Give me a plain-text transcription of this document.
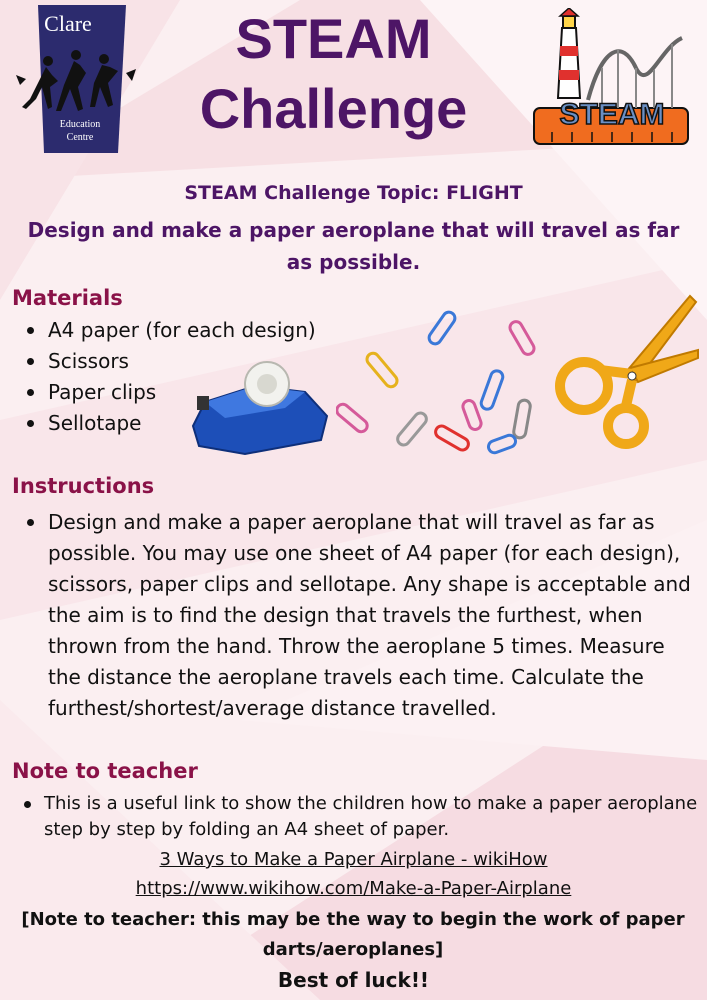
Clare
Education
Centre
STEAM
Challenge	STEAM

STEAM Challenge Topic: FLIGHT

Design and make a paper aeroplane that will travel as far as possible.

Materials
A4 paper (for each design)
Scissors
Paper clips
Sellotape
Instructions
Design and make a paper aeroplane that will travel as far as possible. You may use one sheet of A4 paper (for each design), scissors, paper clips and sellotape. Any shape is acceptable and the aim is to find the design that travels the furthest, when thrown from the hand. Throw the aeroplane 5 times. Measure the distance the aeroplane travels each time. Calculate the furthest/shortest/average distance travelled.
Note to teacher
This is a useful link to show the children how to make a paper aeroplane step by step by folding an A4 sheet of paper.
3 Ways to Make a Paper Airplane - wikiHow
https://www.wikihow.com/Make-a-Paper-Airplane
[Note to teacher: this may be the way to begin the work of paper darts/aeroplanes]
Best of luck!!
